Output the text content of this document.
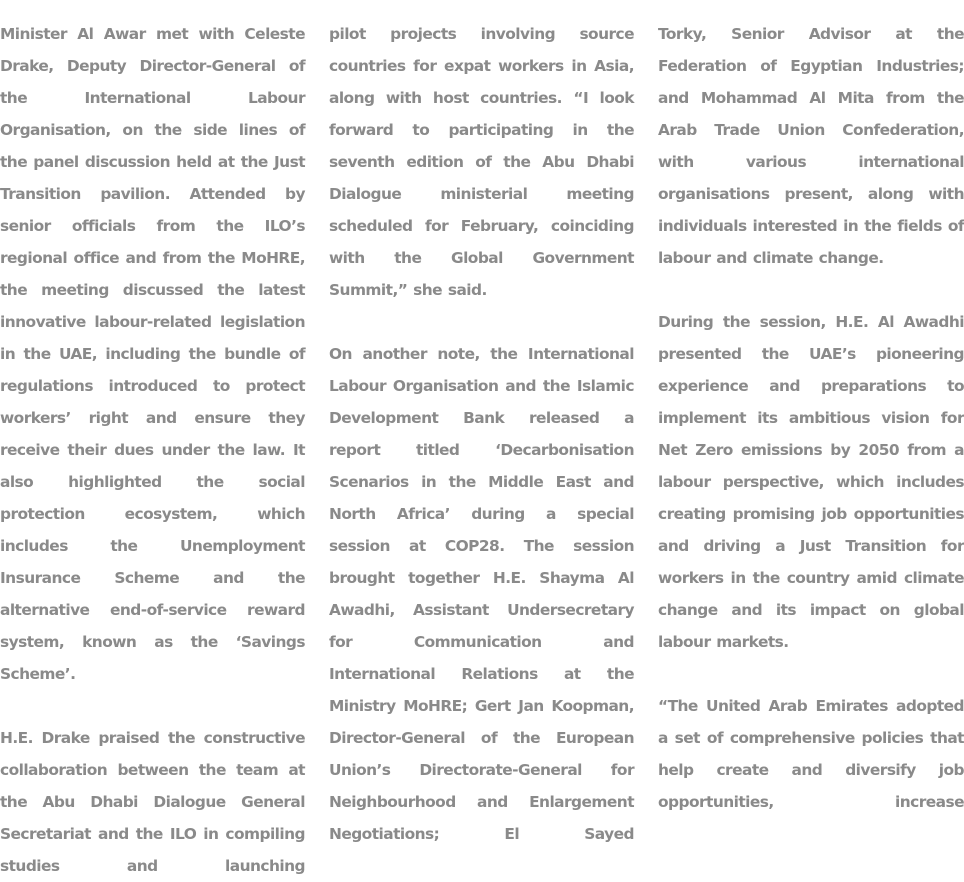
Minister Al Awar met with Celeste Drake, Deputy Director-General of the International Labour Organisation, on the side lines of the panel discussion held at the Just Transition pavilion. Attended by senior officials from the ILO’s regional office and from the MoHRE, the meeting discussed the latest innovative labour-related legislation in the UAE, including the bundle of regulations introduced to protect workers’ right and ensure they receive their dues under the law. It also highlighted the social protection ecosystem, which includes the Unemployment Insurance Scheme and the alternative end-of-service reward system, known as the ‘Savings Scheme’.

H.E. Drake praised the constructive collaboration between the team at the Abu Dhabi Dialogue General Secretariat and the ILO in compiling studies and launching

pilot projects involving source countries for expat workers in Asia, along with host countries. “I look forward to participating in the seventh edition of the Abu Dhabi Dialogue ministerial meeting scheduled for February, coinciding with the Global Government Summit,” she said.

On another note, the International Labour Organisation and the Islamic Development Bank released a report titled ‘Decarbonisation Scenarios in the Middle East and North Africa’ during a special session at COP28. The session brought together H.E. Shayma Al Awadhi, Assistant Undersecretary for Communication and International Relations at the Ministry MoHRE; Gert Jan Koopman, Director-General of the European Union’s Directorate-General for Neighbourhood and Enlargement Negotiations; El Sayed

Torky, Senior Advisor at the Federation of Egyptian Industries; and Mohammad Al Mita from the Arab Trade Union Confederation, with various international organisations present, along with individuals interested in the fields of labour and climate change.

During the session, H.E. Al Awadhi presented the UAE’s pioneering experience and preparations to implement its ambitious vision for Net Zero emissions by 2050 from a labour perspective, which includes creating promising job opportunities and driving a Just Transition for workers in the country amid climate change and its impact on global labour markets.

“The United Arab Emirates adopted a set of comprehensive policies that help create and diversify job opportunities, increase
